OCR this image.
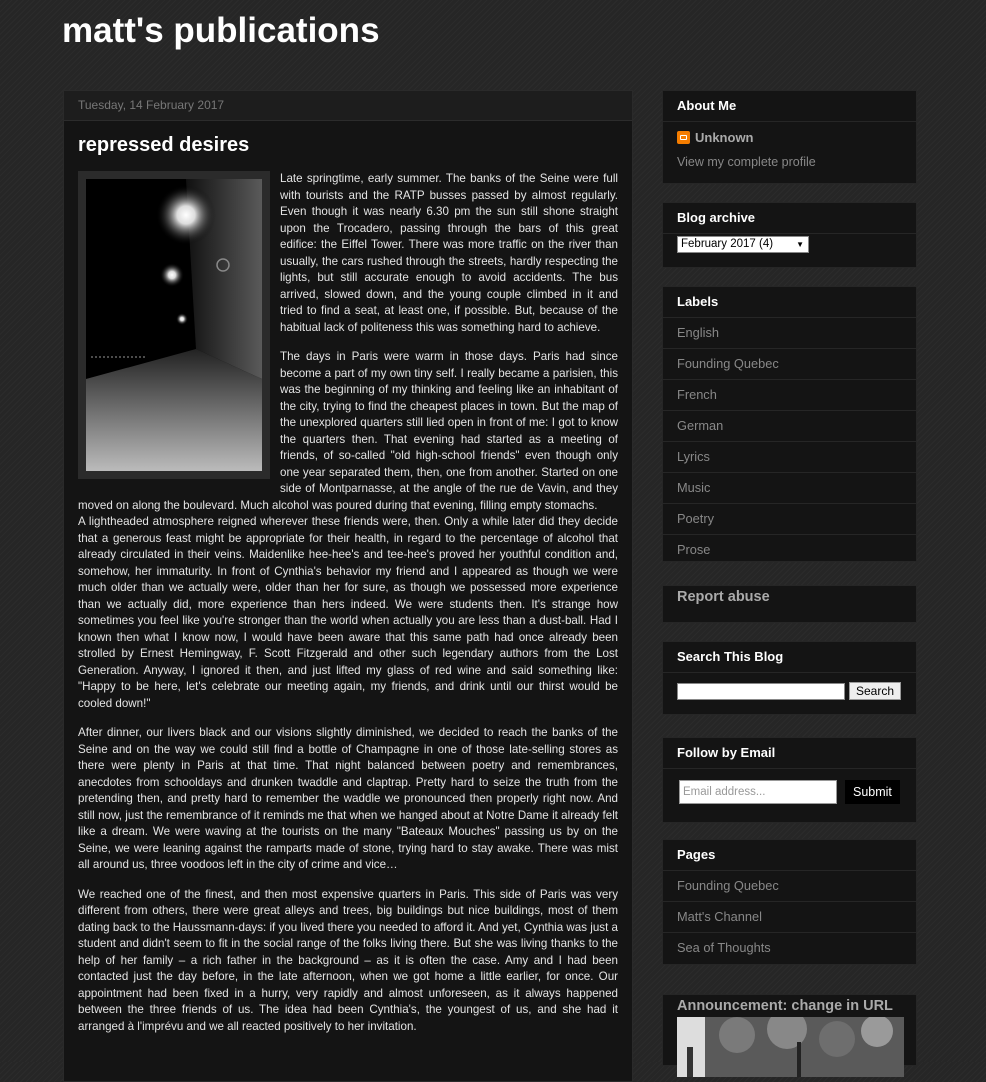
matt's publications
Tuesday, 14 February 2017
repressed desires

Late springtime, early summer. The banks of the Seine were full with tourists and the RATP busses passed by almost regularly. Even though it was nearly 6.30 pm the sun still shone straight upon the Trocadero, passing through the bars of this great edifice: the Eiffel Tower. There was more traffic on the river than usually, the cars rushed through the streets, hardly respecting the lights, but still accurate enough to avoid accidents. The bus arrived, slowed down, and the young couple climbed in it and tried to find a seat, at least one, if possible. But, because of the habitual lack of politeness this was something hard to achieve.

The days in Paris were warm in those days. Paris had since become a part of my own tiny self. I really became a parisien, this was the beginning of my thinking and feeling like an inhabitant of the city, trying to find the cheapest places in town. But the map of the unexplored quarters still lied open in front of me: I got to know the quarters then. That evening had started as a meeting of friends, of so-called "old high-school friends" even though only one year separated them, then, one from another. Started on one side of Montparnasse, at the angle of the rue de Vavin, and they moved on along the boulevard. Much alcohol was poured during that evening, filling empty stomachs.

A lightheaded atmosphere reigned wherever these friends were, then. Only a while later did they decide that a generous feast might be appropriate for their health, in regard to the percentage of alcohol that already circulated in their veins. Maidenlike hee-hee's and tee-hee's proved her youthful condition and, somehow, her immaturity. In front of Cynthia's behavior my friend and I appeared as though we were much older than we actually were, older than her for sure, as though we possessed more experience than we actually did, more experience than hers indeed. We were students then. It's strange how sometimes you feel like you're stronger than the world when actually you are less than a dust-ball. Had I known then what I know now, I would have been aware that this same path had once already been strolled by Ernest Hemingway, F. Scott Fitzgerald and other such legendary authors from the Lost Generation. Anyway, I ignored it then, and just lifted my glass of red wine and said something like: "Happy to be here, let's celebrate our meeting again, my friends, and drink until our thirst would be cooled down!"

After dinner, our livers black and our visions slightly diminished, we decided to reach the banks of the Seine and on the way we could still find a bottle of Champagne in one of those late-selling stores as there were plenty in Paris at that time. That night balanced between poetry and remembrances, anecdotes from schooldays and drunken twaddle and claptrap. Pretty hard to seize the truth from the pretending then, and pretty hard to remember the waddle we pronounced then properly right now. And still now, just the remembrance of it reminds me that when we hanged about at Notre Dame it already felt like a dream. We were waving at the tourists on the many "Bateaux Mouches" passing us by on the Seine, we were leaning against the ramparts made of stone, trying hard to stay awake. There was mist all around us, three voodoos left in the city of crime and vice…

We reached one of the finest, and then most expensive quarters in Paris. This side of Paris was very different from others, there were great alleys and trees, big buildings but nice buildings, most of them dating back to the Haussmann-days: if you lived there you needed to afford it. And yet, Cynthia was just a student and didn't seem to fit in the social range of the folks living there. But she was living thanks to the help of her family – a rich father in the background – as it is often the case. Amy and I had been contacted just the day before, in the late afternoon, when we got home a little earlier, for once. Our appointment had been fixed in a hurry, very rapidly and almost unforeseen, as it always happened between the three friends of us. The idea had been Cynthia's, the youngest of us, and she had it arranged à l'imprévu and we all reacted positively to her invitation.

About Me
Unknown
View my complete profile
Blog archive
February 2017 (4)	▼
Labels
English
Founding Quebec
French
German
Lyrics
Music
Poetry
Prose
Report abuse
Search This Blog
Search
Follow by Email
Email address...	Submit
Pages
Founding Quebec
Matt's Channel
Sea of Thoughts
Announcement: change in URL
